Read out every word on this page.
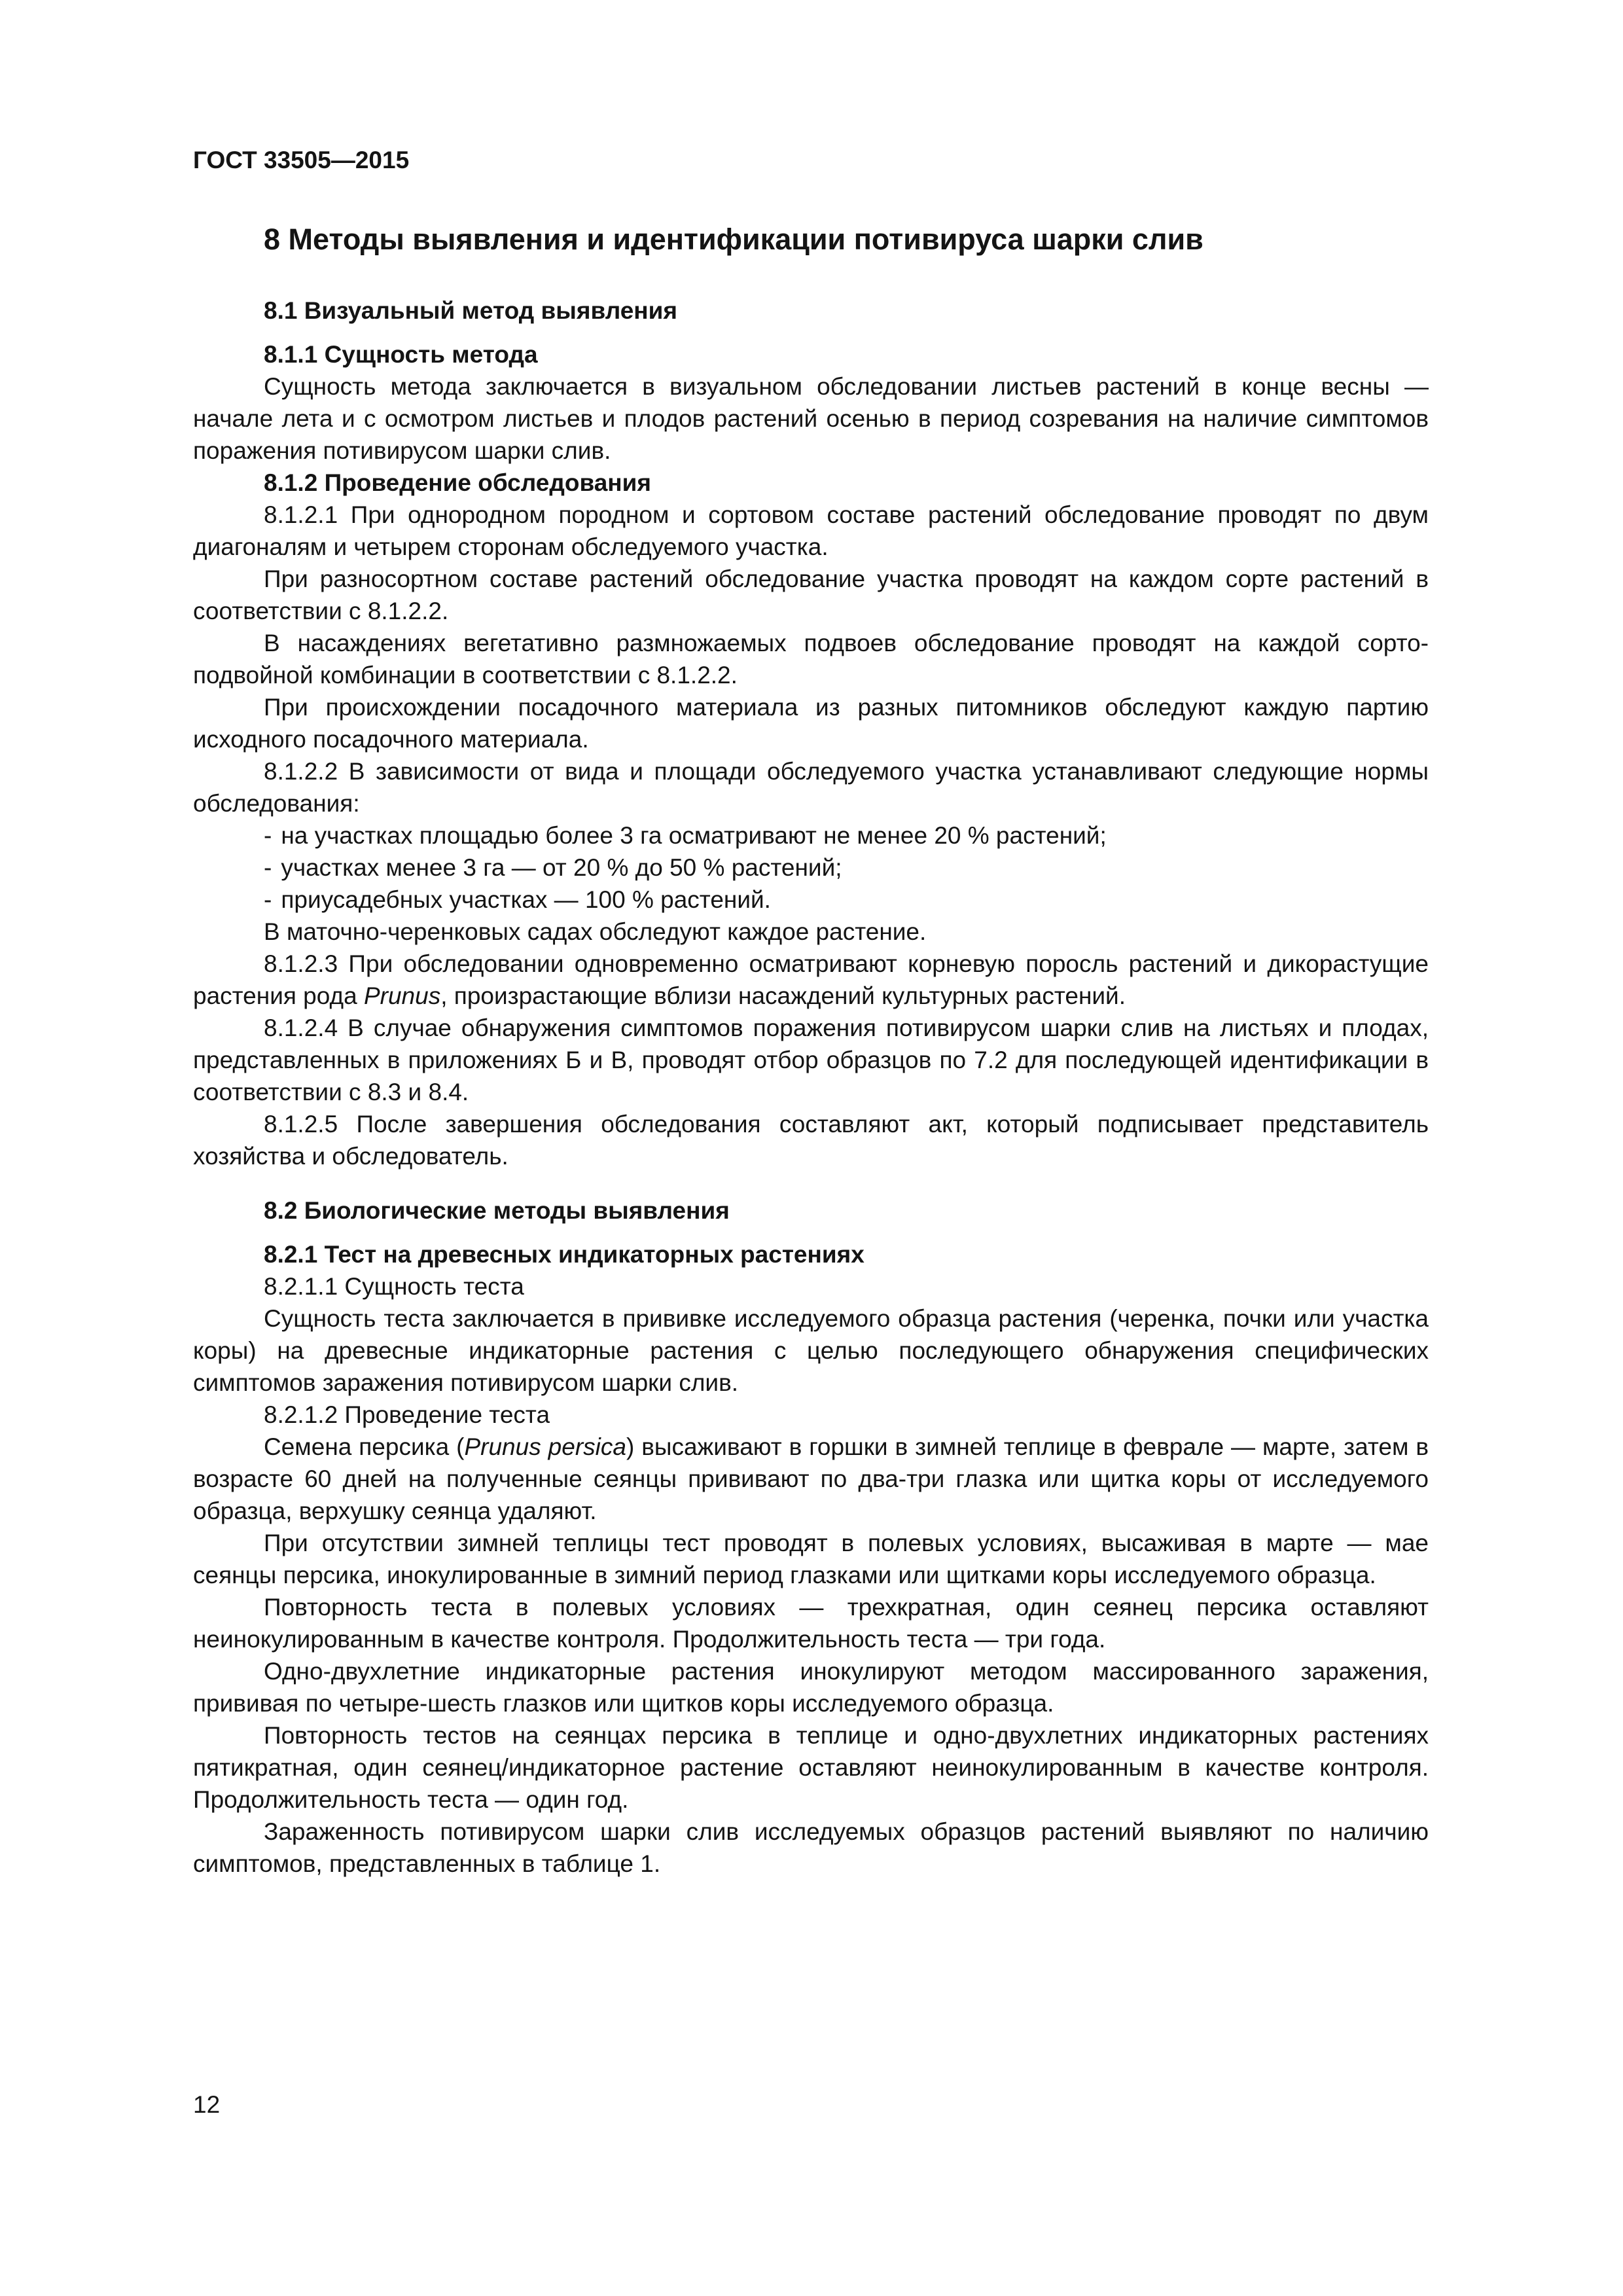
ГОСТ 33505—2015

8 Методы выявления и идентификации потивируса шарки слив
8.1 Визуальный метод выявления
8.1.1 Сущность метода

Сущность метода заключается в визуальном обследовании листьев растений в конце весны — начале лета и с осмотром листьев и плодов растений осенью в период созревания на наличие симптомов поражения потивирусом шарки слив.

8.1.2 Проведение обследования

8.1.2.1 При однородном породном и сортовом составе растений обследование проводят по двум диагоналям и четырем сторонам обследуемого участка.

При разносортном составе растений обследование участка проводят на каждом сорте растений в соответствии с 8.1.2.2.

В насаждениях вегетативно размножаемых подвоев обследование проводят на каждой сорто-подвойной комбинации в соответствии с 8.1.2.2.

При происхождении посадочного материала из разных питомников обследуют каждую партию исходного посадочного материала.

8.1.2.2 В зависимости от вида и площади обследуемого участка устанавливают следующие нормы обследования:

- на участках площадью более 3 га осматривают не менее 20 % растений;
- участках менее 3 га — от 20 % до 50 % растений;
- приусадебных участках — 100 % растений.

В маточно-черенковых садах обследуют каждое растение.

8.1.2.3 При обследовании одновременно осматривают корневую поросль растений и дикорастущие растения рода Prunus, произрастающие вблизи насаждений культурных растений.

8.1.2.4 В случае обнаружения симптомов поражения потивирусом шарки слив на листьях и плодах, представленных в приложениях Б и В, проводят отбор образцов по 7.2 для последующей идентификации в соответствии с 8.3 и 8.4.

8.1.2.5 После завершения обследования составляют акт, который подписывает представитель хозяйства и обследователь.

8.2 Биологические методы выявления
8.2.1 Тест на древесных индикаторных растениях

8.2.1.1 Сущность теста

Сущность теста заключается в прививке исследуемого образца растения (черенка, почки или участка коры) на древесные индикаторные растения с целью последующего обнаружения специфических симптомов заражения потивирусом шарки слив.

8.2.1.2 Проведение теста

Семена персика (Prunus persica) высаживают в горшки в зимней теплице в феврале — марте, затем в возрасте 60 дней на полученные сеянцы прививают по два-три глазка или щитка коры от исследуемого образца, верхушку сеянца удаляют.

При отсутствии зимней теплицы тест проводят в полевых условиях, высаживая в марте — мае сеянцы персика, инокулированные в зимний период глазками или щитками коры исследуемого образца.

Повторность теста в полевых условиях — трехкратная, один сеянец персика оставляют неинокулированным в качестве контроля. Продолжительность теста — три года.

Одно-двухлетние индикаторные растения инокулируют методом массированного заражения, прививая по четыре-шесть глазков или щитков коры исследуемого образца.

Повторность тестов на сеянцах персика в теплице и одно-двухлетних индикаторных растениях пятикратная, один сеянец/индикаторное растение оставляют неинокулированным в качестве контроля. Продолжительность теста — один год.

Зараженность потивирусом шарки слив исследуемых образцов растений выявляют по наличию симптомов, представленных в таблице 1.

12
